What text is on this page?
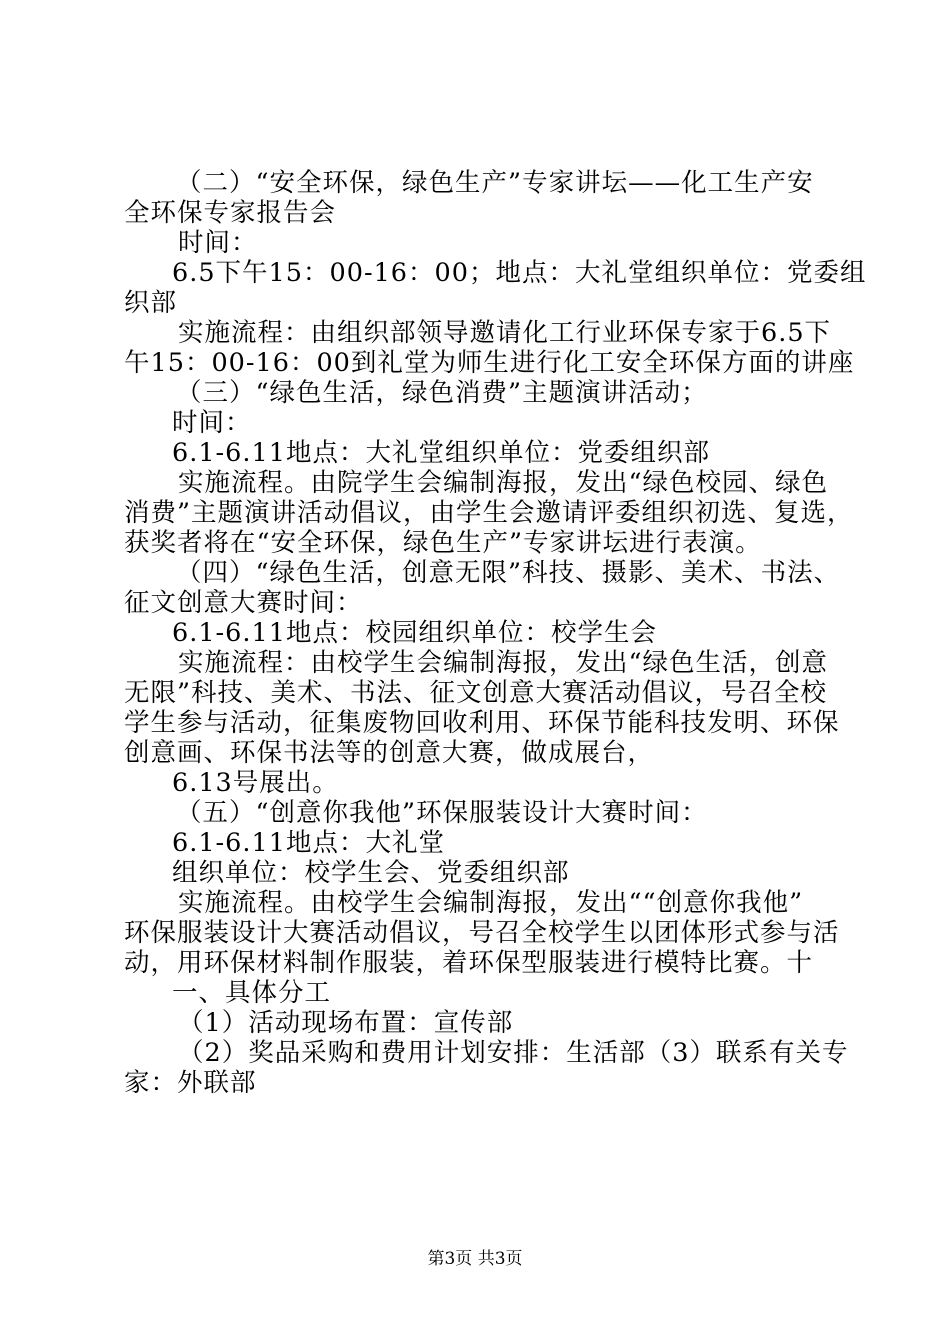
（二）“安全环保，绿色生产”专家讲坛——化工生产安
全环保专家报告会
时间：
6.5下午15：00-16：00；地点：大礼堂组织单位：党委组
织部
实施流程：由组织部领导邀请化工行业环保专家于6.5下
午15：00-16：00到礼堂为师生进行化工安全环保方面的讲座
（三）“绿色生活，绿色消费”主题演讲活动；
时间：
6.1-6.11地点：大礼堂组织单位：党委组织部
实施流程。由院学生会编制海报，发出“绿色校园、绿色
消费”主题演讲活动倡议，由学生会邀请评委组织初选、复选，
获奖者将在“安全环保，绿色生产”专家讲坛进行表演。
（四）“绿色生活，创意无限”科技、摄影、美术、书法、
征文创意大赛时间：
6.1-6.11地点：校园组织单位：校学生会
实施流程：由校学生会编制海报，发出“绿色生活，创意
无限”科技、美术、书法、征文创意大赛活动倡议，号召全校
学生参与活动，征集废物回收利用、环保节能科技发明、环保
创意画、环保书法等的创意大赛，做成展台，
6.13号展出。
（五）“创意你我他”环保服装设计大赛时间：
6.1-6.11地点：大礼堂
组织单位：校学生会、党委组织部
实施流程。由校学生会编制海报，发出““创意你我他”
环保服装设计大赛活动倡议，号召全校学生以团体形式参与活
动，用环保材料制作服装，着环保型服装进行模特比赛。十
一、具体分工
（1）活动现场布置：宣传部
（2）奖品采购和费用计划安排：生活部（3）联系有关专
家：外联部
第3页 共3页
